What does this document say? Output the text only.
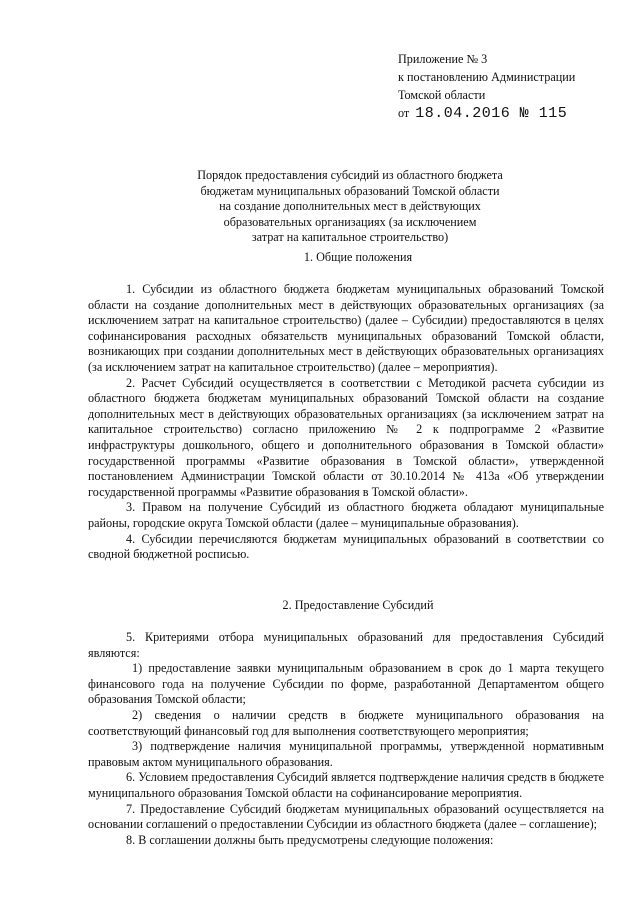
Приложение № 3
к постановлению Администрации
Томской области
от 18.04.2016 № 115
Порядок предоставления субсидий из областного бюджета
бюджетам муниципальных образований Томской области
на создание дополнительных мест в действующих
образовательных организациях (за исключением
затрат на капитальное строительство)
1. Общие положения

1. Субсидии из областного бюджета бюджетам муниципальных образований Томской области на создание дополнительных мест в действующих образовательных организациях (за исключением затрат на капитальное строительство) (далее – Субсидии) предоставляются в целях софинансирования расходных обязательств муниципальных образований Томской области, возникающих при создании дополнительных мест в действующих образовательных организациях (за исключением затрат на капитальное строительство) (далее – мероприятия).

2. Расчет Субсидий осуществляется в соответствии с Методикой расчета субсидии из областного бюджета бюджетам муниципальных образований Томской области на создание дополнительных мест в действующих образовательных организациях (за исключением затрат на капитальное строительство) согласно приложению № 2 к подпрограмме 2 «Развитие инфраструктуры дошкольного, общего и дополнительного образования в Томской области» государственной программы «Развитие образования в Томской области», утвержденной постановлением Администрации Томской области от 30.10.2014 № 413а «Об утверждении государственной программы «Развитие образования в Томской области».

3. Правом на получение Субсидий из областного бюджета обладают муниципальные районы, городские округа Томской области (далее – муниципальные образования).

4. Субсидии перечисляются бюджетам муниципальных образований в соответствии со сводной бюджетной росписью.

2. Предоставление Субсидий

5. Критериями отбора муниципальных образований для предоставления Субсидий являются:

1) предоставление заявки муниципальным образованием в срок до 1 марта текущего финансового года на получение Субсидии по форме, разработанной Департаментом общего образования Томской области;

2) сведения о наличии средств в бюджете муниципального образования на соответствующий финансовый год для выполнения соответствующего мероприятия;

3) подтверждение наличия муниципальной программы, утвержденной нормативным правовым актом муниципального образования.

6. Условием предоставления Субсидий является подтверждение наличия средств в бюджете муниципального образования Томской области на софинансирование мероприятия.

7. Предоставление Субсидий бюджетам муниципальных образований осуществляется на основании соглашений о предоставлении Субсидии из областного бюджета (далее – соглашение);

8. В соглашении должны быть предусмотрены следующие положения:
